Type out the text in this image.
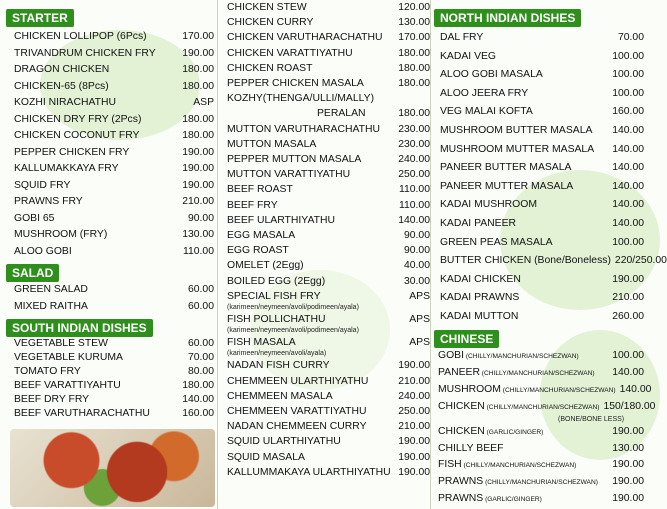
STARTER
CHICKEN LOLLIPOP (6Pcs)	170.00
TRIVANDRUM CHICKEN FRY	190.00
DRAGON CHICKEN	180.00
CHICKEN-65 (8Pcs)	180.00
KOZHI NIRACHATHU	ASP
CHICKEN DRY FRY (2Pcs)	180.00
CHICKEN COCONUT FRY	180.00
PEPPER CHICKEN FRY	190.00
KALLUMAKKAYA FRY	190.00
SQUID FRY	190.00
PRAWNS FRY	210.00
GOBI 65	90.00
MUSHROOM (FRY)	130.00
ALOO GOBI	110.00
SALAD
GREEN SALAD	60.00
MIXED RAITHA	60.00
SOUTH INDIAN DISHES
VEGETABLE STEW	60.00
VEGETABLE KURUMA	70.00
TOMATO FRY	80.00
BEEF VARATTIYAHTU	180.00
BEEF DRY FRY	140.00
BEEF VARUTHARACHATHU	160.00
CHICKEN STEW	120.00
CHICKEN CURRY	130.00
CHICKEN VARUTHARACHATHU	170.00
CHICKEN VARATTIYATHU	180.00
CHICKEN ROAST	180.00
PEPPER CHICKEN MASALA	180.00
KOZHY(THENGA/ULLI/MALLY)
PERALAN	180.00
MUTTON VARUTHARACHATHU	230.00
MUTTON MASALA	230.00
PEPPER MUTTON MASALA	240.00
MUTTON VARATTIYATHU	250.00
BEEF ROAST	110.00
BEEF FRY	110.00
BEEF ULARTHIYATHU	140.00
EGG MASALA	90.00
EGG ROAST	90.00
OMELET (2Egg)	40.00
BOILED EGG (2Egg)	30.00
SPECIAL FISH FRY	APS
(karimeen/neymeen/avoli/podimeen/ayala)
FISH POLLICHATHU	APS
(karimeen/neymeen/avoli/podimeen/ayala)
FISH MASALA	APS
(karimeen/neymeen/avoli/ayala)
NADAN FISH CURRY	190.00
CHEMMEEN ULARTHIYATHU	210.00
CHEMMEEN MASALA	240.00
CHEMMEEN VARATTIYATHU	250.00
NADAN CHEMMEEN CURRY	210.00
SQUID ULARTHIYATHU	190.00
SQUID MASALA	190.00
KALLUMMAKAYA ULARTHIYATHU 190.00
NORTH INDIAN DISHES
DAL FRY	70.00
KADAI VEG	100.00
ALOO GOBI MASALA	100.00
ALOO JEERA FRY	100.00
VEG MALAI KOFTA	160.00
MUSHROOM BUTTER MASALA	140.00
MUSHROOM MUTTER MASALA	140.00
PANEER BUTTER MASALA	140.00
PANEER MUTTER MASALA	140.00
KADAI MUSHROOM	140.00
KADAI PANEER	140.00
GREEN PEAS MASALA	100.00
BUTTER CHICKEN (Bone/Boneless) 220/250.00
KADAI CHICKEN	190.00
KADAI PRAWNS	210.00
KADAI MUTTON	260.00
CHINESE
GOBI (CHILLY/MANCHURIAN/SCHEZWAN)	100.00
PANEER (CHILLY/MANCHURIAN/SCHEZWAN)	140.00
MUSHROOM (CHILLY/MANCHURIAN/SCHEZWAN) 140.00
CHICKEN (CHILLY/MANCHURIAN/SCHEZWAN) 150/180.00
(BONE/BONE LESS)
CHICKEN (GARLIC/GINGER)	190.00
CHILLY BEEF	130.00
FISH (CHILLY/MANCHURIAN/SCHEZWAN)	190.00
PRAWNS (CHILLY/MANCHURIAN/SCHEZWAN)	190.00
PRAWNS (GARLIC/GINGER)	190.00
